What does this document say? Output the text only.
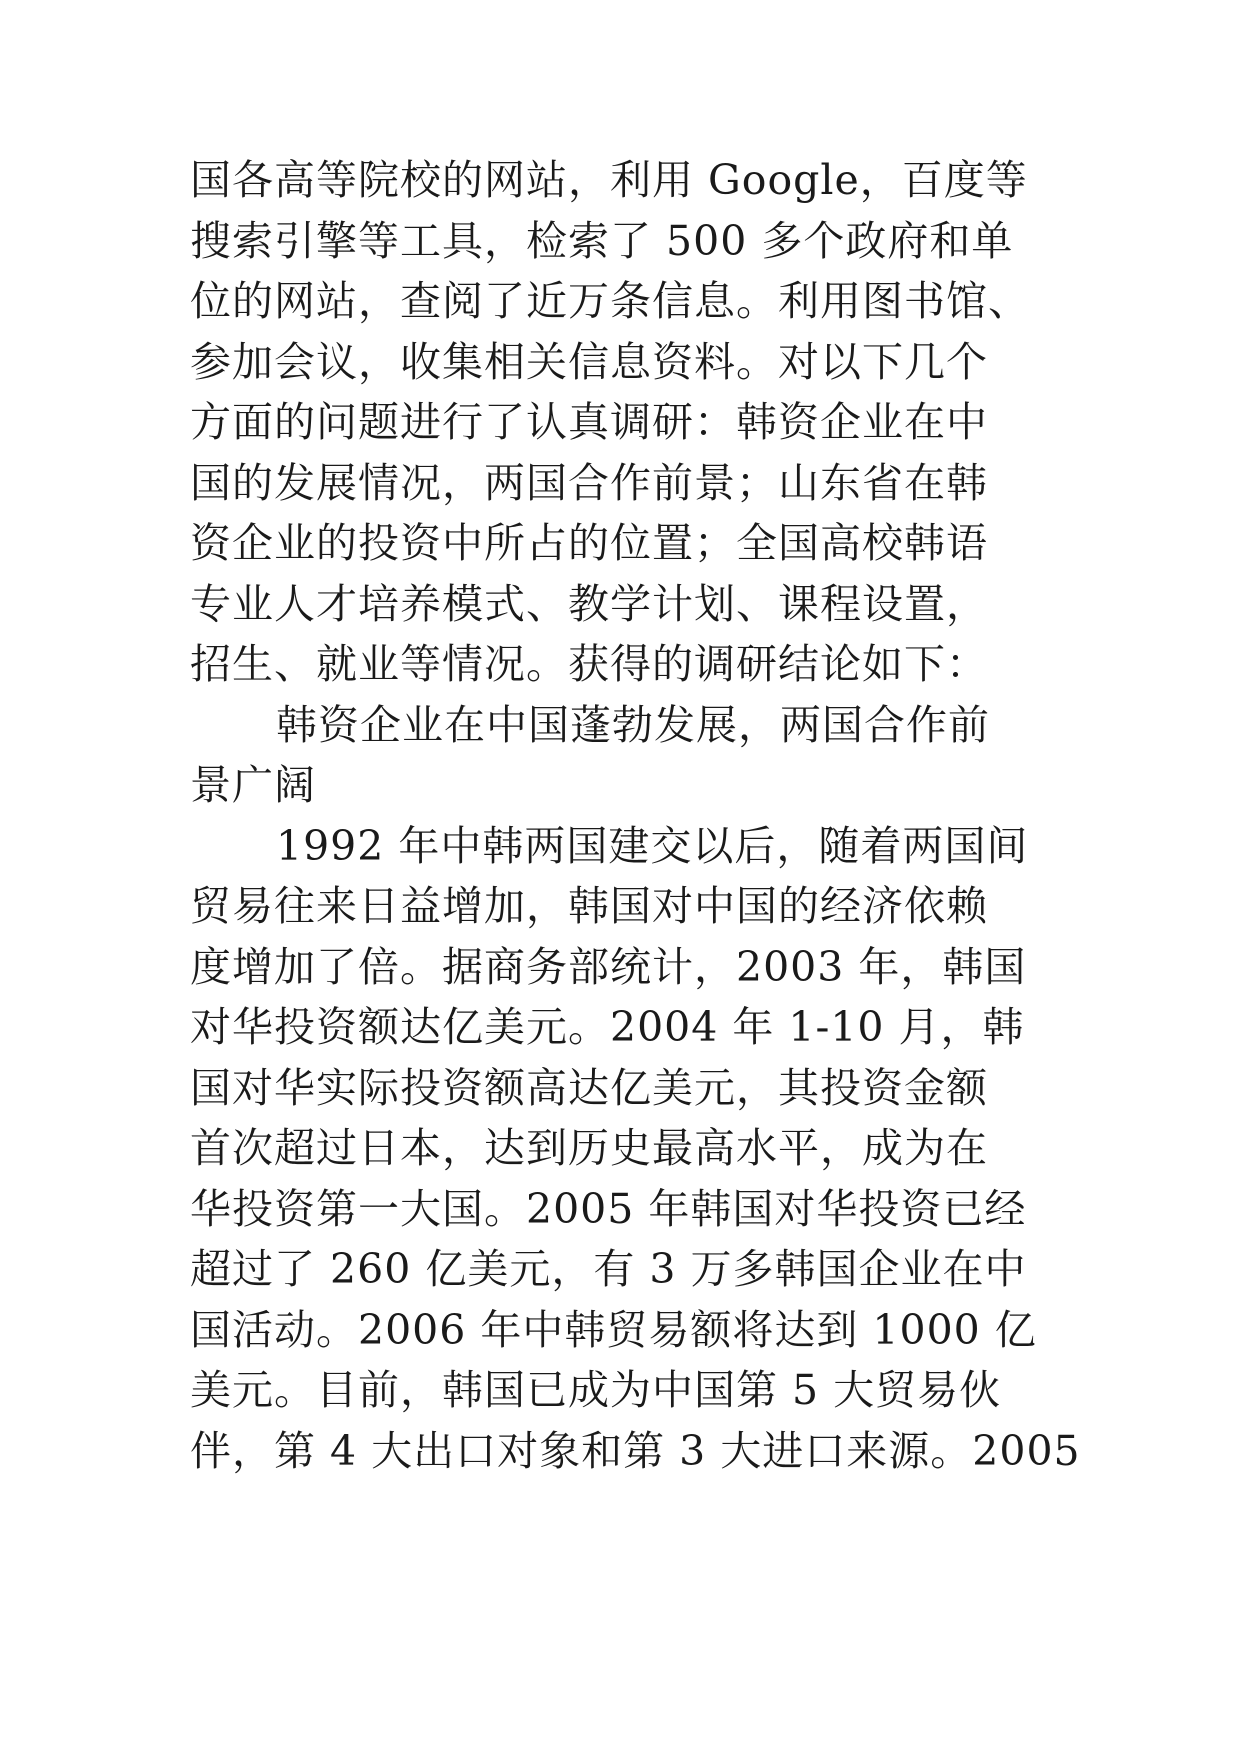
国各高等院校的网站，利用 Google，百度等
搜索引擎等工具，检索了 500 多个政府和单
位的网站，查阅了近万条信息。利用图书馆、
参加会议，收集相关信息资料。对以下几个
方面的问题进行了认真调研：韩资企业在中
国的发展情况，两国合作前景；山东省在韩
资企业的投资中所占的位置；全国高校韩语
专业人才培养模式、教学计划、课程设置，
招生、就业等情况。获得的调研结论如下：
韩资企业在中国蓬勃发展，两国合作前
景广阔
1992 年中韩两国建交以后，随着两国间
贸易往来日益增加，韩国对中国的经济依赖
度增加了倍。据商务部统计，2003 年，韩国
对华投资额达亿美元。2004 年 1-10 月，韩
国对华实际投资额高达亿美元，其投资金额
首次超过日本，达到历史最高水平，成为在
华投资第一大国。2005 年韩国对华投资已经
超过了 260 亿美元，有 3 万多韩国企业在中
国活动。2006 年中韩贸易额将达到 1000 亿
美元。目前，韩国已成为中国第 5 大贸易伙
伴，第 4 大出口对象和第 3 大进口来源。2005
